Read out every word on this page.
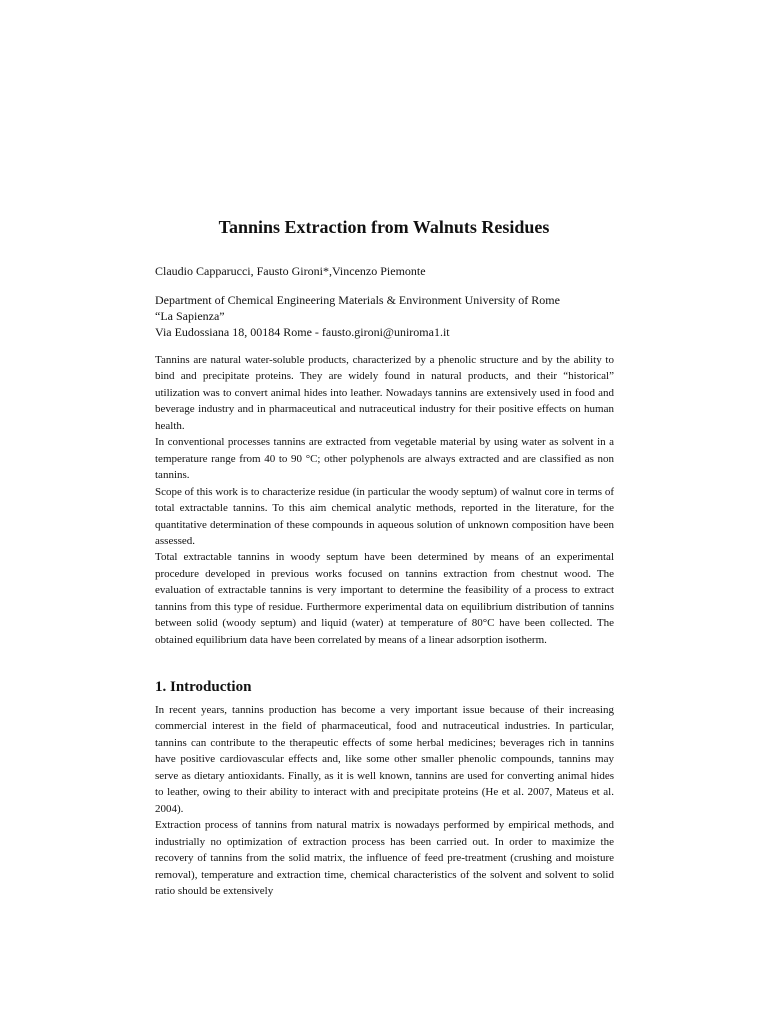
Tannins Extraction from Walnuts Residues

Claudio Capparucci, Fausto Gironi*,Vincenzo Piemonte

Department of Chemical Engineering Materials & Environment University of Rome
“La Sapienza”
Via Eudossiana 18, 00184 Rome - fausto.gironi@uniroma1.it

Tannins are natural water-soluble products, characterized by a phenolic structure and by the ability to bind and precipitate proteins. They are widely found in natural products, and their “historical” utilization was to convert animal hides into leather. Nowadays tannins are extensively used in food and beverage industry and in pharmaceutical and nutraceutical industry for their positive effects on human health.

In conventional processes tannins are extracted from vegetable material by using water as solvent in a temperature range from 40 to 90 °C; other polyphenols are always extracted and are classified as non tannins.

Scope of this work is to characterize residue (in particular the woody septum) of walnut core in terms of total extractable tannins. To this aim chemical analytic methods, reported in the literature, for the quantitative determination of these compounds in aqueous solution of unknown composition have been assessed.

Total extractable tannins in woody septum have been determined by means of an experimental procedure developed in previous works focused on tannins extraction from chestnut wood. The evaluation of extractable tannins is very important to determine the feasibility of a process to extract tannins from this type of residue. Furthermore experimental data on equilibrium distribution of tannins between solid (woody septum) and liquid (water) at temperature of 80°C have been collected. The obtained equilibrium data have been correlated by means of a linear adsorption isotherm.

1. Introduction

In recent years, tannins production has become a very important issue because of their increasing commercial interest in the field of pharmaceutical, food and nutraceutical industries. In particular, tannins can contribute to the therapeutic effects of some herbal medicines; beverages rich in tannins have positive cardiovascular effects and, like some other smaller phenolic compounds, tannins may serve as dietary antioxidants. Finally, as it is well known, tannins are used for converting animal hides to leather, owing to their ability to interact with and precipitate proteins (He et al. 2007, Mateus et al. 2004).

Extraction process of tannins from natural matrix is nowadays performed by empirical methods, and industrially no optimization of extraction process has been carried out. In order to maximize the recovery of tannins from the solid matrix, the influence of feed pre-treatment (crushing and moisture removal), temperature and extraction time, chemical characteristics of the solvent and solvent to solid ratio should be extensively
